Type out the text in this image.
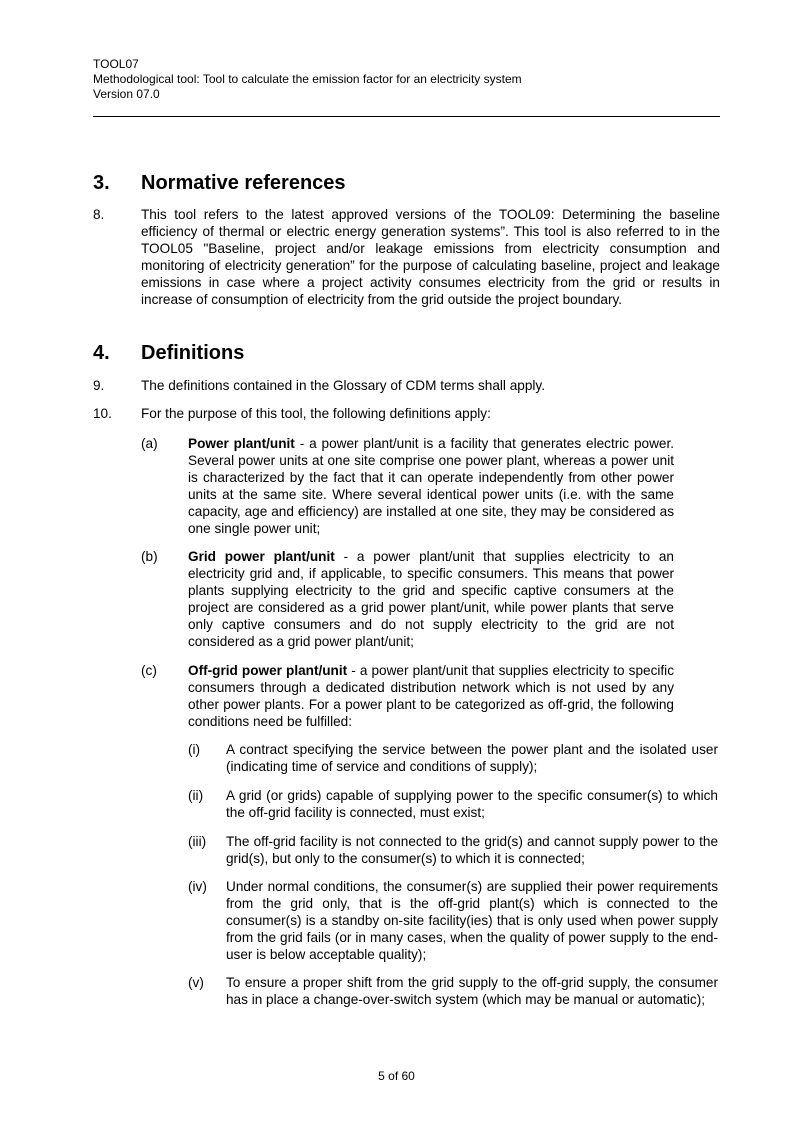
TOOL07
Methodological tool: Tool to calculate the emission factor for an electricity system
Version 07.0
3. Normative references
8.	This tool refers to the latest approved versions of the TOOL09: Determining the baseline efficiency of thermal or electric energy generation systems”. This tool is also referred to in the TOOL05 "Baseline, project and/or leakage emissions from electricity consumption and monitoring of electricity generation” for the purpose of calculating baseline, project and leakage emissions in case where a project activity consumes electricity from the grid or results in increase of consumption of electricity from the grid outside the project boundary.
4. Definitions
9.	The definitions contained in the Glossary of CDM terms shall apply.
10. For the purpose of this tool, the following definitions apply:
(a) Power plant/unit - a power plant/unit is a facility that generates electric power. Several power units at one site comprise one power plant, whereas a power unit is characterized by the fact that it can operate independently from other power units at the same site. Where several identical power units (i.e. with the same capacity, age and efficiency) are installed at one site, they may be considered as one single power unit;
(b) Grid power plant/unit - a power plant/unit that supplies electricity to an electricity grid and, if applicable, to specific consumers. This means that power plants supplying electricity to the grid and specific captive consumers at the project are considered as a grid power plant/unit, while power plants that serve only captive consumers and do not supply electricity to the grid are not considered as a grid power plant/unit;
(c) Off-grid power plant/unit - a power plant/unit that supplies electricity to specific consumers through a dedicated distribution network which is not used by any other power plants. For a power plant to be categorized as off-grid, the following conditions need be fulfilled:
(i) A contract specifying the service between the power plant and the isolated user (indicating time of service and conditions of supply);
(ii) A grid (or grids) capable of supplying power to the specific consumer(s) to which the off-grid facility is connected, must exist;
(iii) The off-grid facility is not connected to the grid(s) and cannot supply power to the grid(s), but only to the consumer(s) to which it is connected;
(iv) Under normal conditions, the consumer(s) are supplied their power requirements from the grid only, that is the off-grid plant(s) which is connected to the consumer(s) is a standby on-site facility(ies) that is only used when power supply from the grid fails (or in many cases, when the quality of power supply to the end-user is below acceptable quality);
(v) To ensure a proper shift from the grid supply to the off-grid supply, the consumer has in place a change-over-switch system (which may be manual or automatic);
5 of 60
